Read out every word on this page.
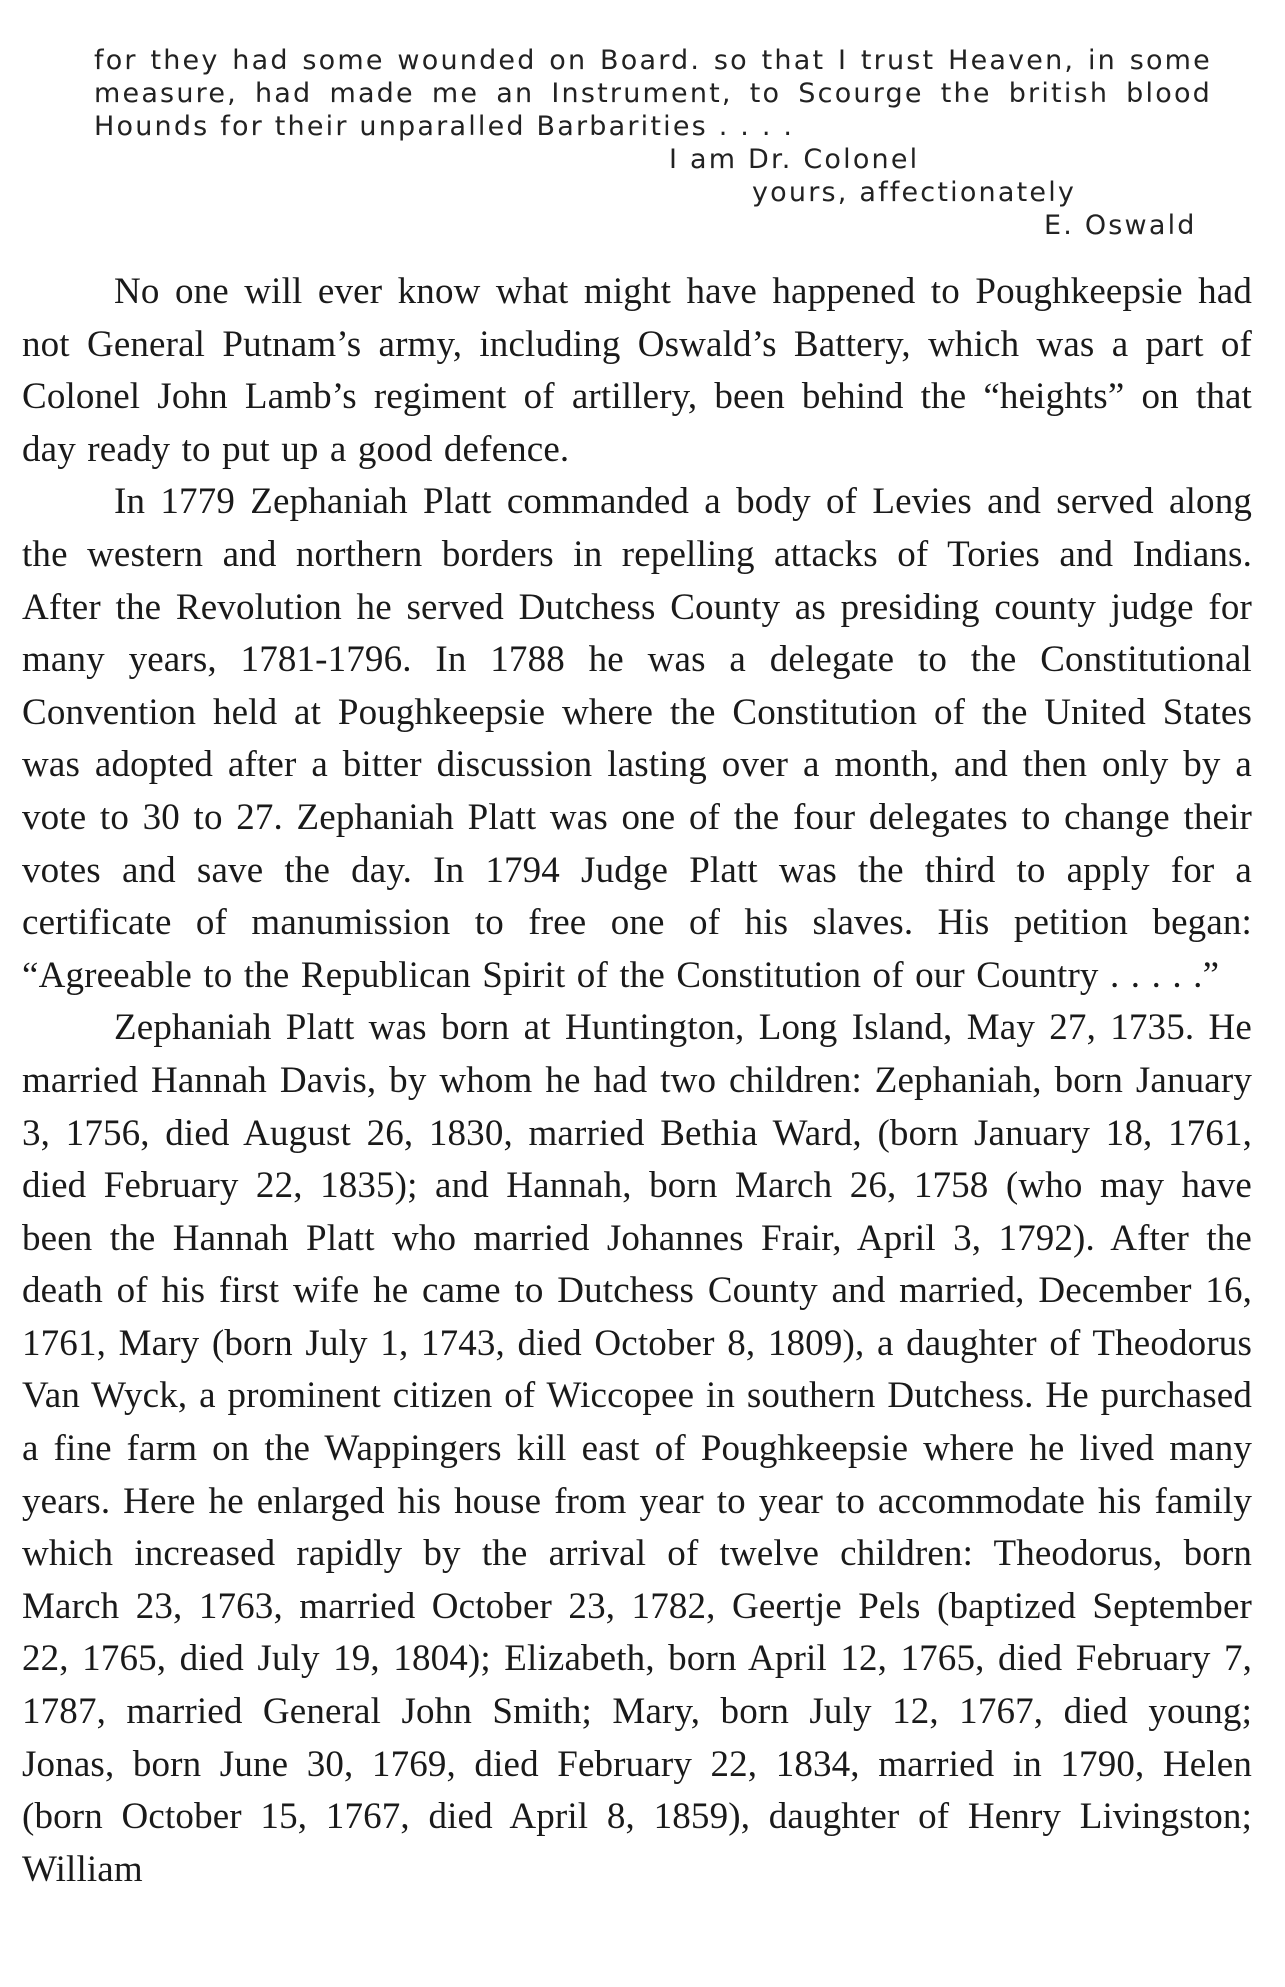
for they had some wounded on Board. so that I trust Heaven, in some measure, had made me an Instrument, to Scourge the british blood Hounds for their unparalled Barbarities . . . .

I am Dr. Colonel
yours, affectionately
E. Oswald

No one will ever know what might have happened to Poughkeepsie had not General Putnam’s army, including Oswald’s Battery, which was a part of Colonel John Lamb’s regiment of artillery, been behind the “heights” on that day ready to put up a good defence.

In 1779 Zephaniah Platt commanded a body of Levies and served along the western and northern borders in repelling attacks of Tories and Indians. After the Revolution he served Dutchess County as presiding county judge for many years, 1781-1796. In 1788 he was a delegate to the Constitutional Convention held at Poughkeepsie where the Constitution of the United States was adopted after a bitter discussion lasting over a month, and then only by a vote to 30 to 27. Zephaniah Platt was one of the four delegates to change their votes and save the day. In 1794 Judge Platt was the third to apply for a certificate of manumission to free one of his slaves. His petition began: “Agreeable to the Republican Spirit of the Constitution of our Country . . . . .”

Zephaniah Platt was born at Huntington, Long Island, May 27, 1735. He married Hannah Davis, by whom he had two children: Zephaniah, born January 3, 1756, died August 26, 1830, married Bethia Ward, (born January 18, 1761, died February 22, 1835); and Hannah, born March 26, 1758 (who may have been the Hannah Platt who married Johannes Frair, April 3, 1792). After the death of his first wife he came to Dutchess County and married, December 16, 1761, Mary (born July 1, 1743, died October 8, 1809), a daughter of Theodorus Van Wyck, a prominent citizen of Wiccopee in southern Dutchess. He purchased a fine farm on the Wappingers kill east of Poughkeepsie where he lived many years. Here he enlarged his house from year to year to accommodate his family which increased rapidly by the arrival of twelve children: Theodorus, born March 23, 1763, married October 23, 1782, Geertje Pels (baptized September 22, 1765, died July 19, 1804); Elizabeth, born April 12, 1765, died February 7, 1787, married General John Smith; Mary, born July 12, 1767, died young; Jonas, born June 30, 1769, died February 22, 1834, married in 1790, Helen (born October 15, 1767, died April 8, 1859), daughter of Henry Livingston; William
